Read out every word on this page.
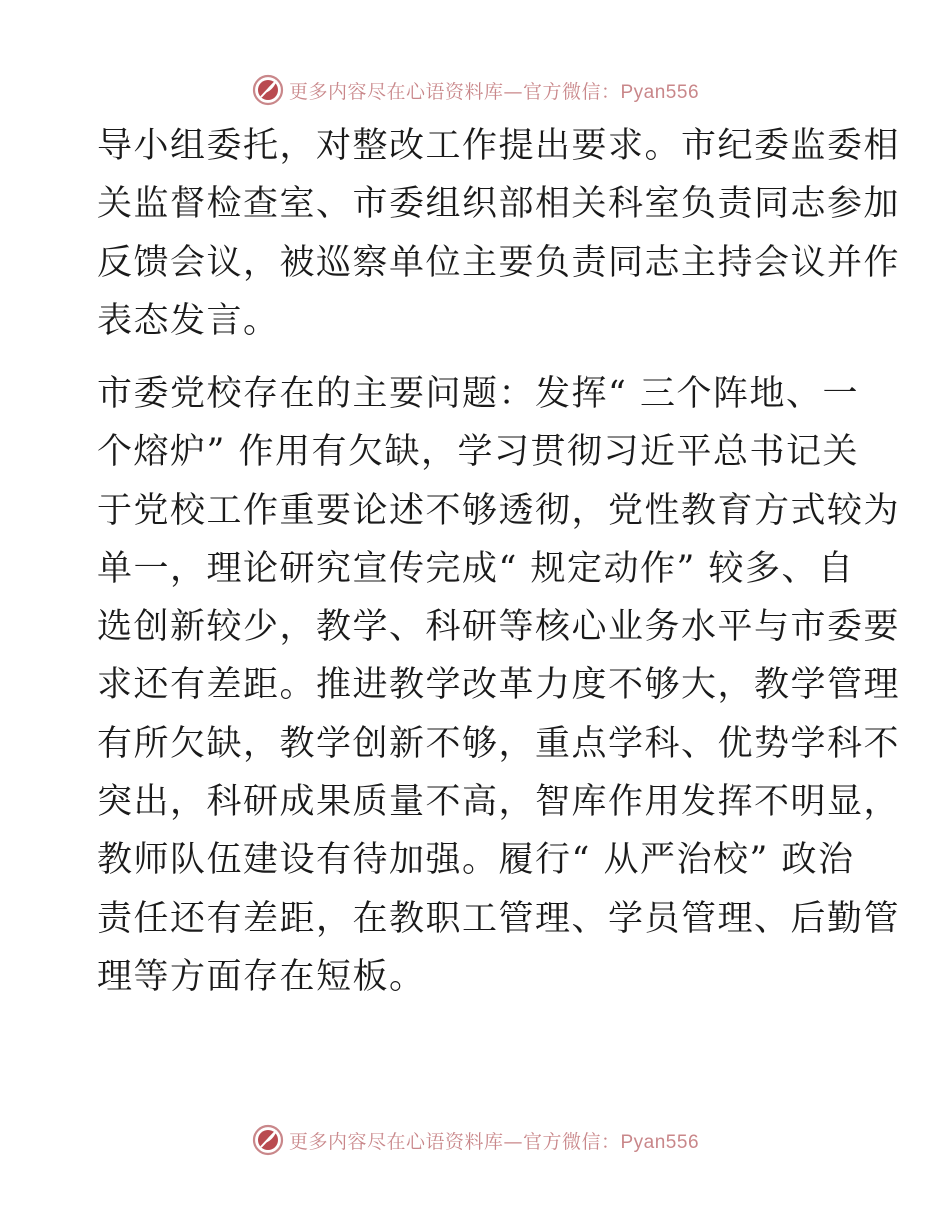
更多内容尽在心语资料库—官方微信：Pyan556
导小组委托，对整改工作提出要求。市纪委监委相
关监督检查室、市委组织部相关科室负责同志参加
反馈会议，被巡察单位主要负责同志主持会议并作
表态发言。
市委党校存在的主要问题：发挥“ 三个阵地、一
个熔炉” 作用有欠缺，学习贯彻习近平总书记关
于党校工作重要论述不够透彻，党性教育方式较为
单一，理论研究宣传完成“ 规定动作” 较多、自
选创新较少，教学、科研等核心业务水平与市委要
求还有差距。推进教学改革力度不够大，教学管理
有所欠缺，教学创新不够，重点学科、优势学科不
突出，科研成果质量不高，智库作用发挥不明显，
教师队伍建设有待加强。履行“ 从严治校” 政治
责任还有差距，在教职工管理、学员管理、后勤管
理等方面存在短板。
更多内容尽在心语资料库—官方微信：Pyan556
